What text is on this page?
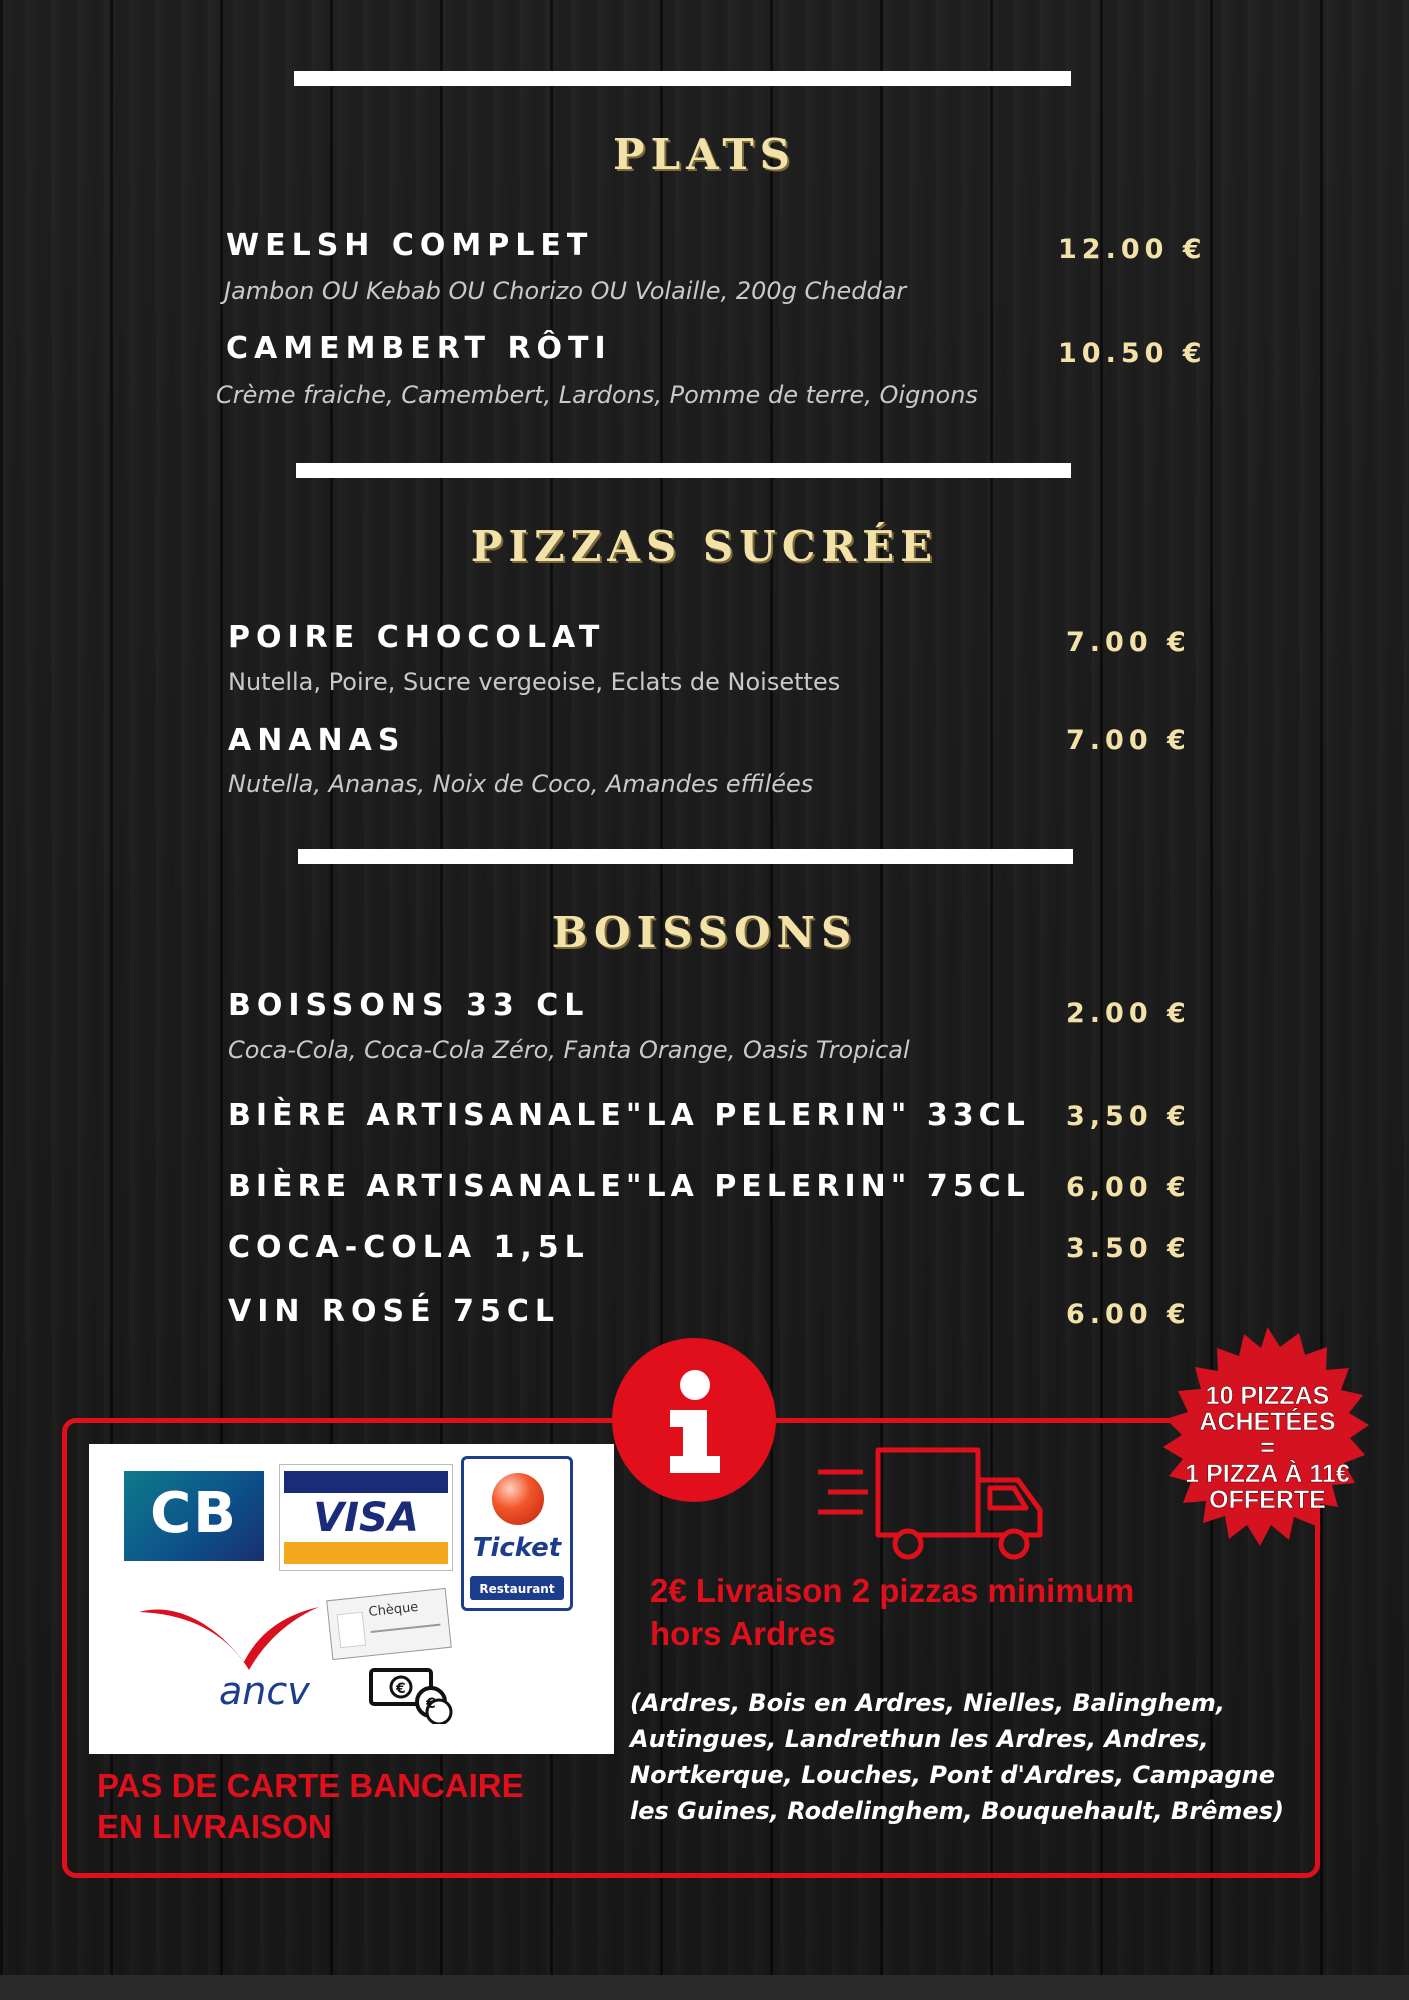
PLATS
WELSH COMPLET	12.00 €
Jambon OU Kebab OU Chorizo OU Volaille, 200g Cheddar
CAMEMBERT RÔTI	10.50 €
Crème fraiche, Camembert, Lardons, Pomme de terre, Oignons
PIZZAS SUCRÉE
POIRE CHOCOLAT	7.00 €
Nutella, Poire, Sucre vergeoise, Eclats de Noisettes
ANANAS	7.00 €
Nutella, Ananas, Noix de Coco, Amandes effilées
BOISSONS
BOISSONS 33 CL	2.00 €
Coca-Cola, Coca-Cola Zéro, Fanta Orange, Oasis Tropical
BIÈRE ARTISANALE"LA PELERIN" 33CL 3,50 €
BIÈRE ARTISANALE"LA PELERIN" 75CL 6,00 €
COCA-COLA 1,5L	3.50 €
VIN ROSÉ 75CL	6.00 €
CB	VISA
Ticket
Restaurant
ancv
Chèque
€
€
PAS DE CARTE BANCAIRE
EN LIVRAISON
2€ Livraison 2 pizzas minimum
hors Ardres
(Ardres, Bois en Ardres, Nielles, Balinghem,
Autingues, Landrethun les Ardres, Andres,
Nortkerque, Louches, Pont d'Ardres, Campagne
les Guines, Rodelinghem, Bouquehault, Brêmes)
10 PIZZAS
ACHETÉES
=
1 PIZZA À 11€
OFFERTE
